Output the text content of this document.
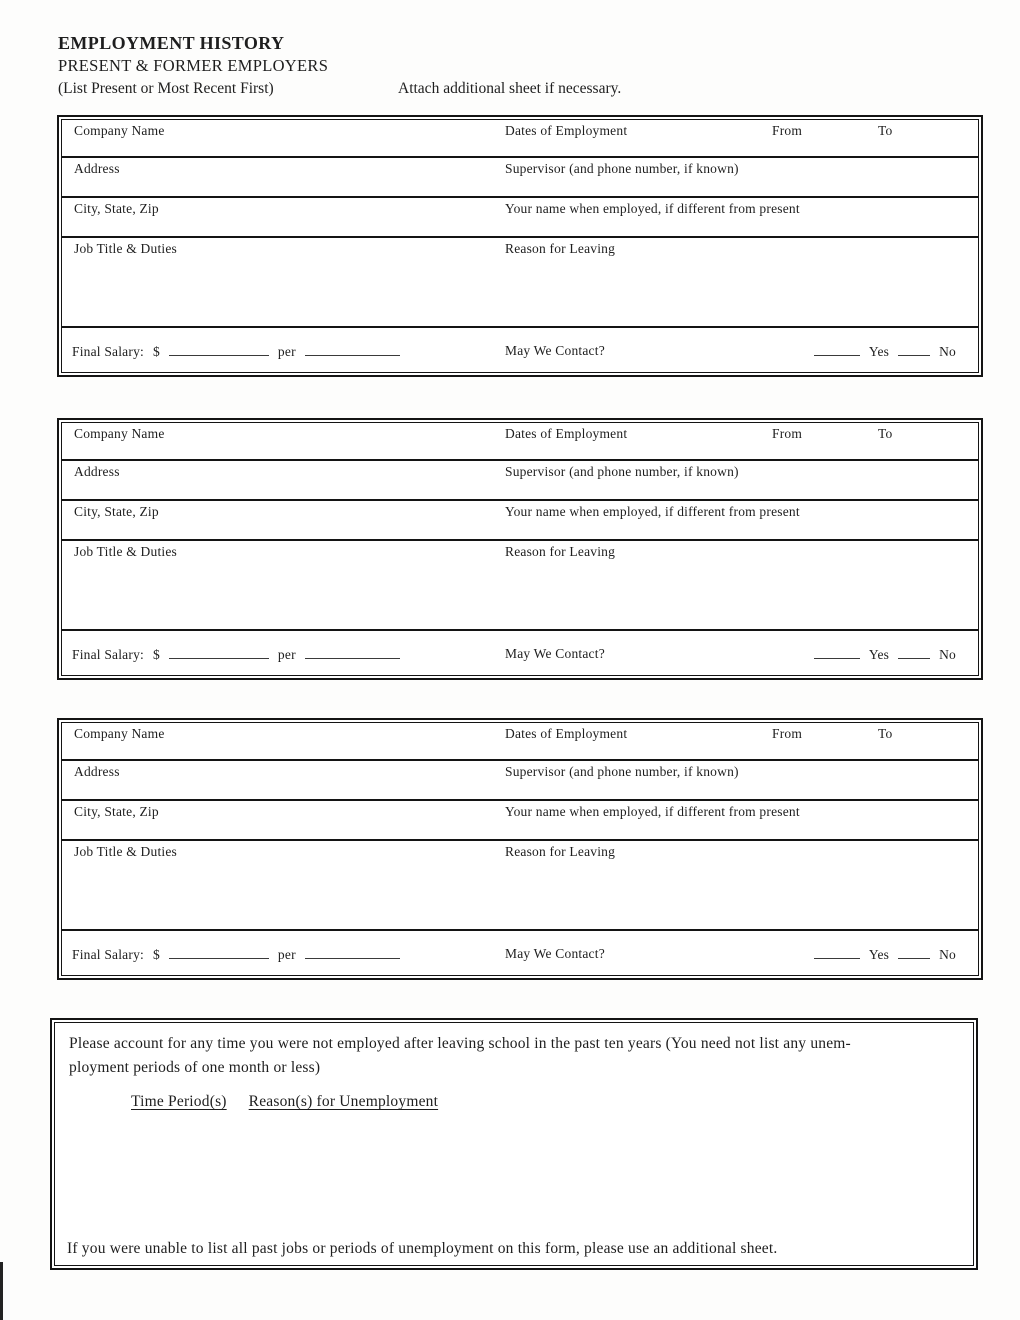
EMPLOYMENT HISTORY
PRESENT & FORMER EMPLOYERS
(List Present or Most Recent First)	Attach additional sheet if necessary.
Company Name	Dates of Employment	From	To
Address	Supervisor (and phone number, if known)
City, State, Zip	Your name when employed, if different from present
Job Title & Duties	Reason for Leaving
Final Salary: $	per	May We Contact?	Yes	No
Company Name	Dates of Employment	From	To
Address	Supervisor (and phone number, if known)
City, State, Zip	Your name when employed, if different from present
Job Title & Duties	Reason for Leaving
Final Salary: $	per	May We Contact?	Yes	No
Company Name	Dates of Employment	From	To
Address	Supervisor (and phone number, if known)
City, State, Zip	Your name when employed, if different from present
Job Title & Duties	Reason for Leaving
Final Salary: $	per	May We Contact?	Yes	No
Please account for any time you were not employed after leaving school in the past ten years (You need not list any unem-
ployment periods of one month or less)
Time Period(s) Reason(s) for Unemployment
If you were unable to list all past jobs or periods of unemployment on this form, please use an additional sheet.
